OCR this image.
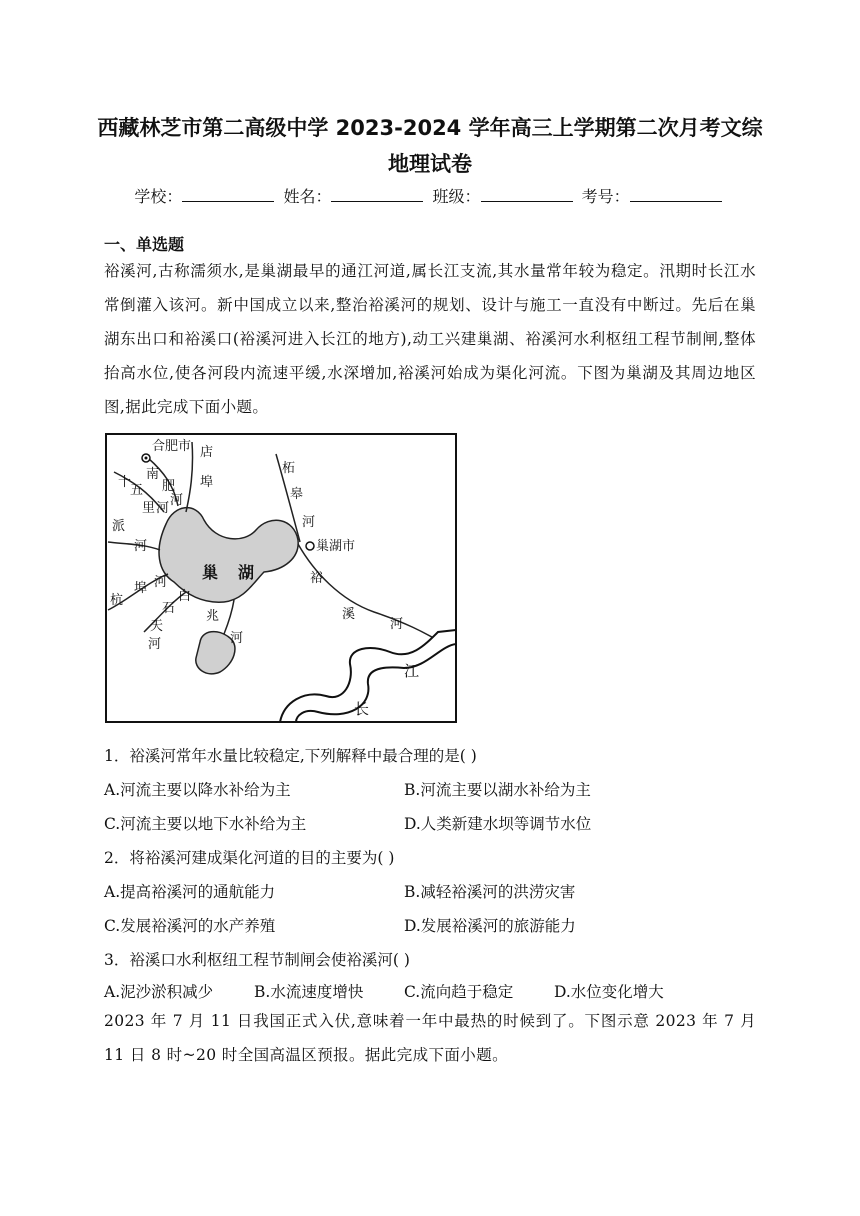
西藏林芝市第二高级中学 2023-2024 学年高三上学期第二次月考文综
地理试卷
学校：	姓名：	班级：	考号：
一、单选题

裕溪河,古称濡须水,是巢湖最早的通江河道,属长江支流,其水量常年较为稳定。汛期时长江水常倒灌入该河。新中国成立以来,整治裕溪河的规划、设计与施工一直没有中断过。先后在巢湖东出口和裕溪口(裕溪河进入长江的地方),动工兴建巢湖、裕溪河水利枢纽工程节制闸,整体抬高水位,使各河段内流速平缓,水深增加,裕溪河始成为渠化河流。下图为巢湖及其周边地区图,据此完成下面小题。

合肥市
巢湖市
巢 湖
店
埠
南
肥
河
十
五
里 河
派
河
杭
埠 河
白
石
天
河
兆
河
柘
皋
河
裕
溪
河
江
长
1．裕溪河常年水量比较稳定,下列解释中最合理的是( )
A.河流主要以降水补给为主	B.河流主要以湖水补给为主
C.河流主要以地下水补给为主	D.人类新建水坝等调节水位
2．将裕溪河建成渠化河道的目的主要为( )
A.提高裕溪河的通航能力	B.减轻裕溪河的洪涝灾害
C.发展裕溪河的水产养殖	D.发展裕溪河的旅游能力
3．裕溪口水利枢纽工程节制闸会使裕溪河( )
A.泥沙淤积减少	B.水流速度增快	C.流向趋于稳定	D.水位变化增大

2023 年 7 月 11 日我国正式入伏,意味着一年中最热的时候到了。下图示意 2023 年 7 月 11 日 8 时~20 时全国高温区预报。据此完成下面小题。
